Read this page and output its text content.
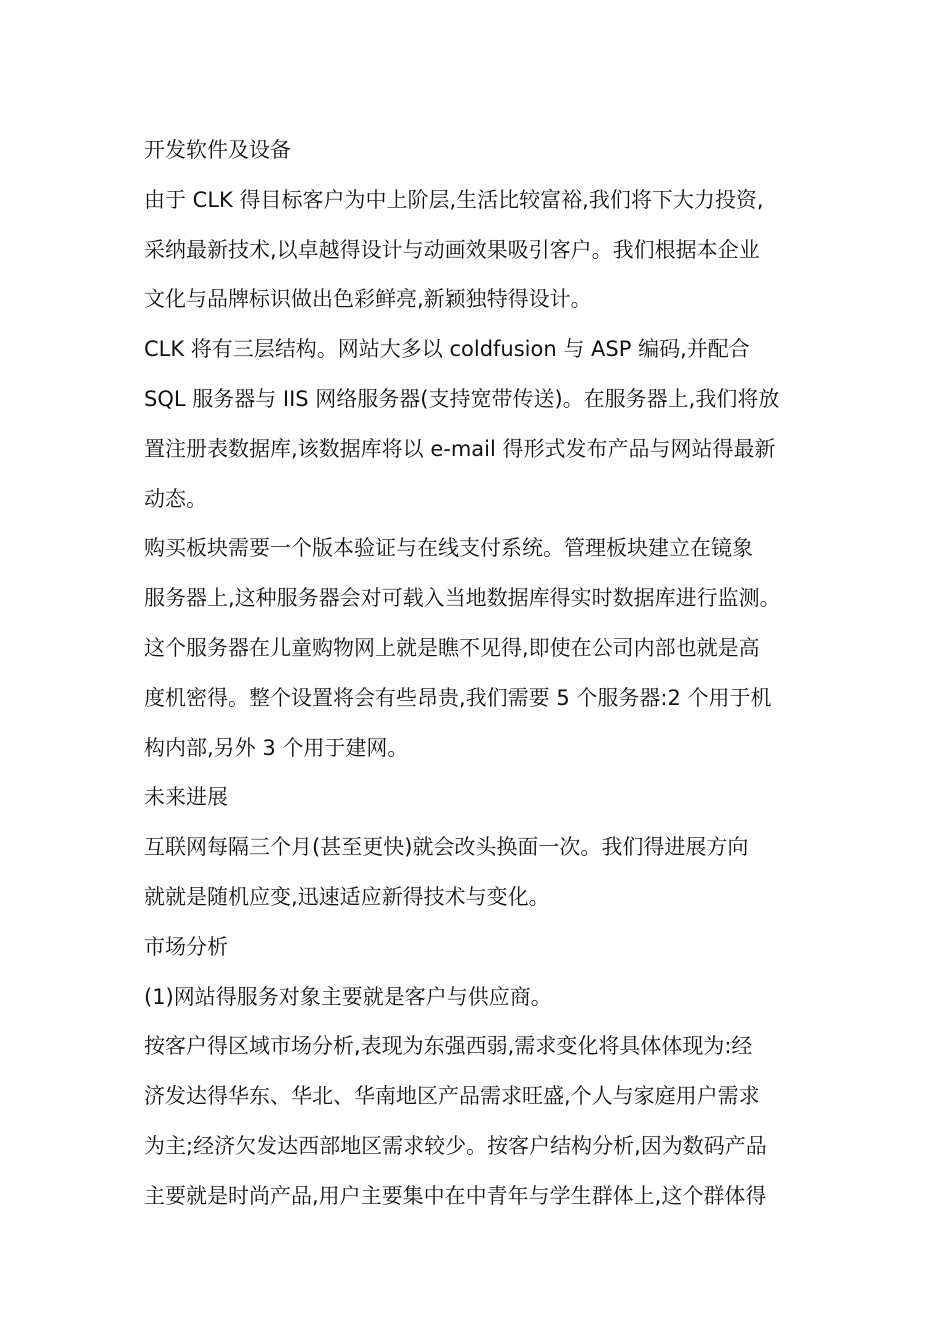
开发软件及设备
由于 CLK 得目标客户为中上阶层,生活比较富裕,我们将下大力投资,
采纳最新技术,以卓越得设计与动画效果吸引客户。我们根据本企业
文化与品牌标识做出色彩鲜亮,新颖独特得设计。
CLK 将有三层结构。网站大多以 coldfusion 与 ASP 编码,并配合
SQL 服务器与 IIS 网络服务器(支持宽带传送)。在服务器上,我们将放
置注册表数据库,该数据库将以 e-mail 得形式发布产品与网站得最新
动态。
购买板块需要一个版本验证与在线支付系统。管理板块建立在镜象
服务器上,这种服务器会对可载入当地数据库得实时数据库进行监测。
这个服务器在儿童购物网上就是瞧不见得,即使在公司内部也就是高
度机密得。整个设置将会有些昂贵,我们需要 5 个服务器:2 个用于机
构内部,另外 3 个用于建网。
未来进展
互联网每隔三个月(甚至更快)就会改头换面一次。我们得进展方向
就就是随机应变,迅速适应新得技术与变化。
市场分析
(1)网站得服务对象主要就是客户与供应商。
按客户得区域市场分析,表现为东强西弱,需求变化将具体体现为:经
济发达得华东、华北、华南地区产品需求旺盛,个人与家庭用户需求
为主;经济欠发达西部地区需求较少。按客户结构分析,因为数码产品
主要就是时尚产品,用户主要集中在中青年与学生群体上,这个群体得
